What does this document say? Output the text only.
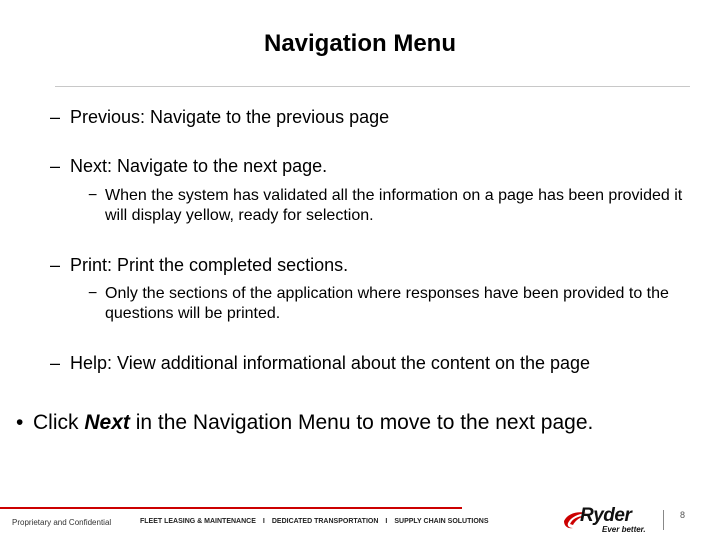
Navigation Menu
– Previous: Navigate to the previous page
– Next: Navigate to the next page.
− When the system has validated all the information on a page has been provided it will display yellow, ready for selection.
– Print: Print the completed sections.
− Only the sections of the application where responses have been provided to the questions will be printed.
– Help: View additional informational about the content on the page
• Click Next in the Navigation Menu to move to the next page.
Proprietary and Confidential	FLEET LEASING & MAINTENANCE I DEDICATED TRANSPORTATION I SUPPLY CHAIN SOLUTIONS	Ryder
Ever better.
8
